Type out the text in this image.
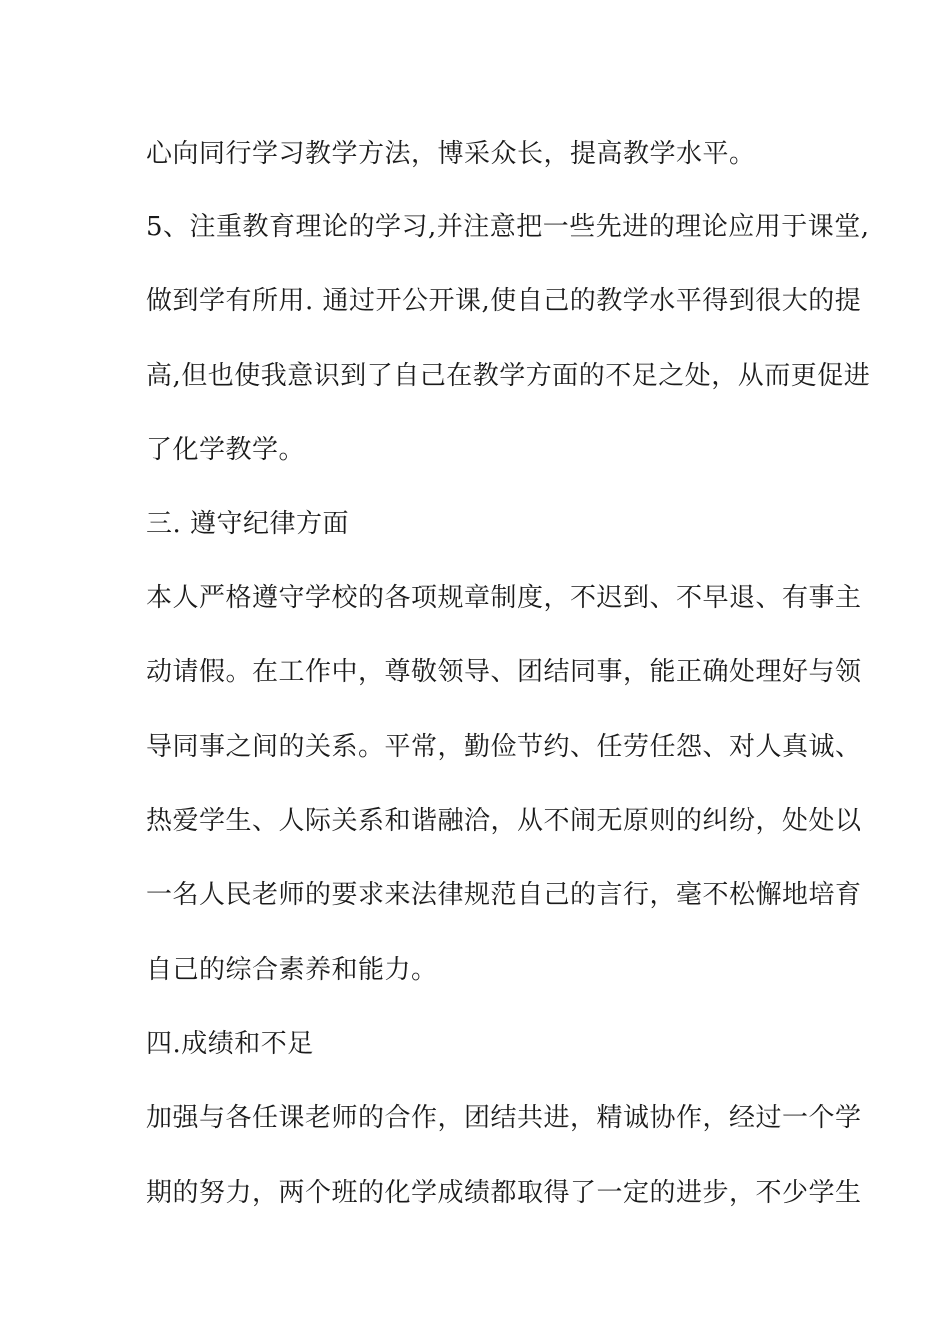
心向同行学习教学方法，博采众长，提高教学水平。
5、注重教育理论的学习,并注意把一些先进的理论应用于课堂,
做到学有所用. 通过开公开课,使自己的教学水平得到很大的提
高,但也使我意识到了自己在教学方面的不足之处，从而更促进
了化学教学。
三. 遵守纪律方面
本人严格遵守学校的各项规章制度，不迟到、不早退、有事主
动请假。在工作中，尊敬领导、团结同事，能正确处理好与领
导同事之间的关系。平常，勤俭节约、任劳任怨、对人真诚、
热爱学生、人际关系和谐融洽，从不闹无原则的纠纷，处处以
一名人民老师的要求来法律规范自己的言行，毫不松懈地培育
自己的综合素养和能力。
四.成绩和不足
加强与各任课老师的合作，团结共进，精诚协作，经过一个学
期的努力，两个班的化学成绩都取得了一定的进步，不少学生
